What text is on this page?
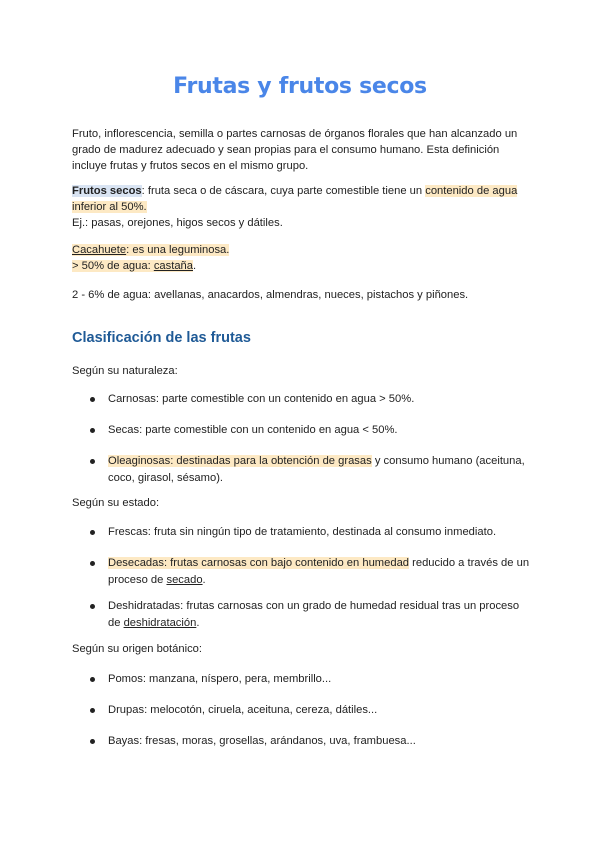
Frutas y frutos secos

Fruto, inflorescencia, semilla o partes carnosas de órganos florales que han alcanzado un
grado de madurez adecuado y sean propias para el consumo humano. Esta definición
incluye frutas y frutos secos en el mismo grupo.

Frutos secos: fruta seca o de cáscara, cuya parte comestible tiene un contenido de agua
inferior al 50%.
Ej.: pasas, orejones, higos secos y dátiles.

Cacahuete: es una leguminosa.
> 50% de agua: castaña.

2 - 6% de agua: avellanas, anacardos, almendras, nueces, pistachos y piñones.

Clasificación de las frutas

Según su naturaleza:

Carnosas: parte comestible con un contenido en agua > 50%.
Secas: parte comestible con un contenido en agua < 50%.
Oleaginosas: destinadas para la obtención de grasas y consumo humano (aceituna,
coco, girasol, sésamo).

Según su estado:

Frescas: fruta sin ningún tipo de tratamiento, destinada al consumo inmediato.
Desecadas: frutas carnosas con bajo contenido en humedad reducido a través de un
proceso de secado.
Deshidratadas: frutas carnosas con un grado de humedad residual tras un proceso
de deshidratación.

Según su origen botánico:

Pomos: manzana, níspero, pera, membrillo...
Drupas: melocotón, ciruela, aceituna, cereza, dátiles...
Bayas: fresas, moras, grosellas, arándanos, uva, frambuesa...
